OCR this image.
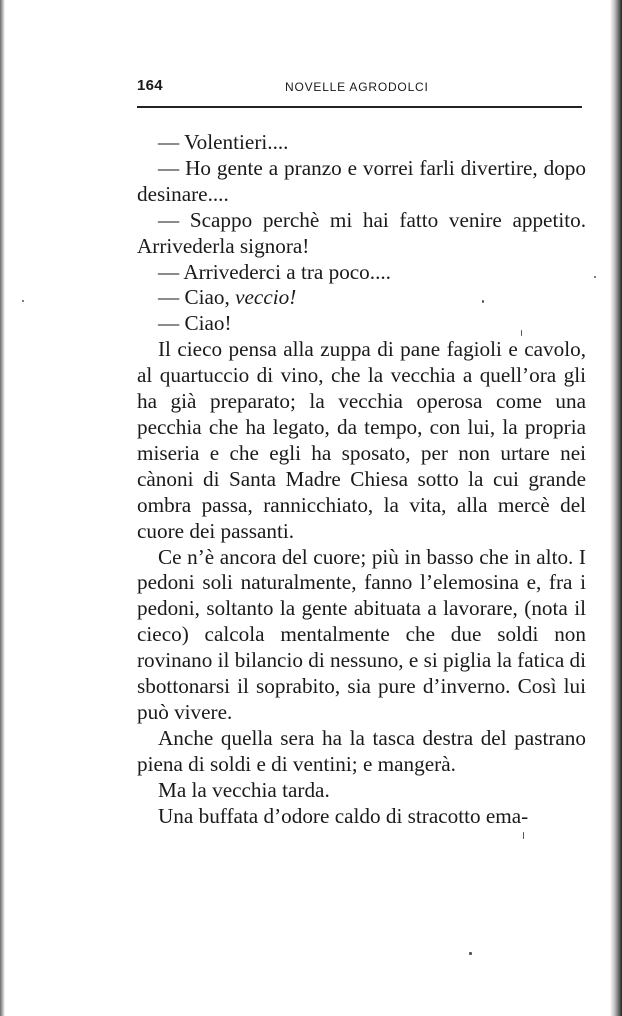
164	NOVELLE AGRODOLCI

— Volentieri....

— Ho gente a pranzo e vorrei farli divertire, dopo desinare....

— Scappo perchè mi hai fatto venire appetito. Arrivederla signora!

— Arrivederci a tra poco....

— Ciao, veccio!

— Ciao!

Il cieco pensa alla zuppa di pane fagioli e cavolo, al quartuccio di vino, che la vecchia a quell’ora gli ha già preparato; la vecchia operosa come una pecchia che ha legato, da tempo, con lui, la propria miseria e che egli ha sposato, per non urtare nei cànoni di Santa Madre Chiesa sotto la cui grande ombra passa, rannicchiato, la vita, alla mercè del cuore dei passanti.

Ce n’è ancora del cuore; più in basso che in alto. I pedoni soli naturalmente, fanno l’elemosina e, fra i pedoni, soltanto la gente abituata a lavorare, (nota il cieco) calcola mentalmente che due soldi non rovinano il bilancio di nessuno, e si piglia la fatica di sbottonarsi il soprabito, sia pure d’inverno. Così lui può vivere.

Anche quella sera ha la tasca destra del pastrano piena di soldi e di ventini; e mangerà.

Ma la vecchia tarda.

Una buffata d’odore caldo di stracotto ema-
